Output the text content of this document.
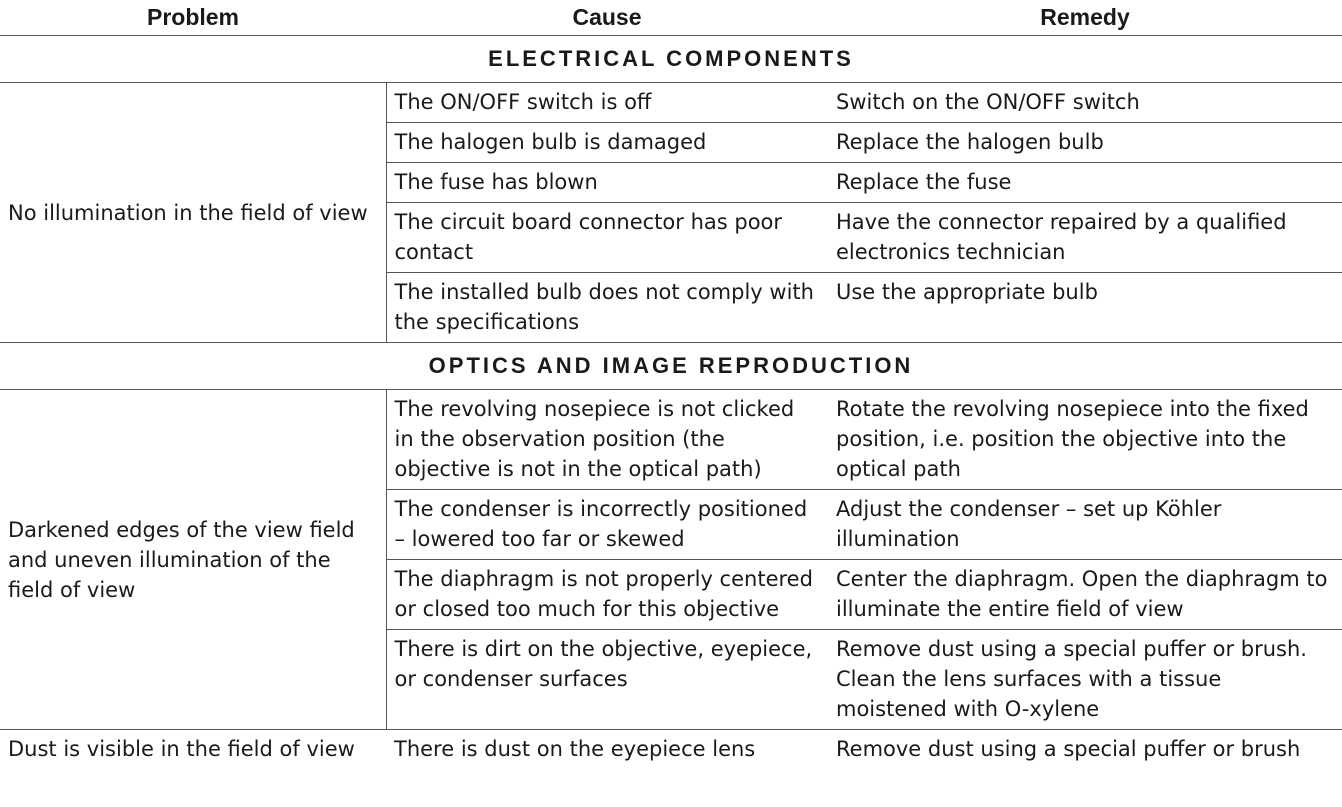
Problem	Cause	Remedy
ELECTRICAL COMPONENTS		
No illumination in the field of view	The ON/OFF switch is off	Switch on the ON/OFF switch
	The halogen bulb is damaged	Replace the halogen bulb
	The fuse has blown	Replace the fuse
	The circuit board connector has poor contact	Have the connector repaired by a qualified electronics technician
	The installed bulb does not comply with the specifications	Use the appropriate bulb
OPTICS AND IMAGE REPRODUCTION		
Darkened edges of the view field and uneven illumination of the field of view	The revolving nosepiece is not clicked in the observation position (the objective is not in the optical path)	Rotate the revolving nosepiece into the fixed position, i.e. position the objective into the optical path
	The condenser is incorrectly positioned – lowered too far or skewed	Adjust the condenser – set up Köhler illumination
	The diaphragm is not properly centered or closed too much for this objective	Center the diaphragm. Open the diaphragm to illuminate the entire field of view
	There is dirt on the objective, eyepiece, or condenser surfaces	Remove dust using a special puffer or brush. Clean the lens surfaces with a tissue moistened with O-xylene
Dust is visible in the field of view	There is dust on the eyepiece lens	Remove dust using a special puffer or brush
